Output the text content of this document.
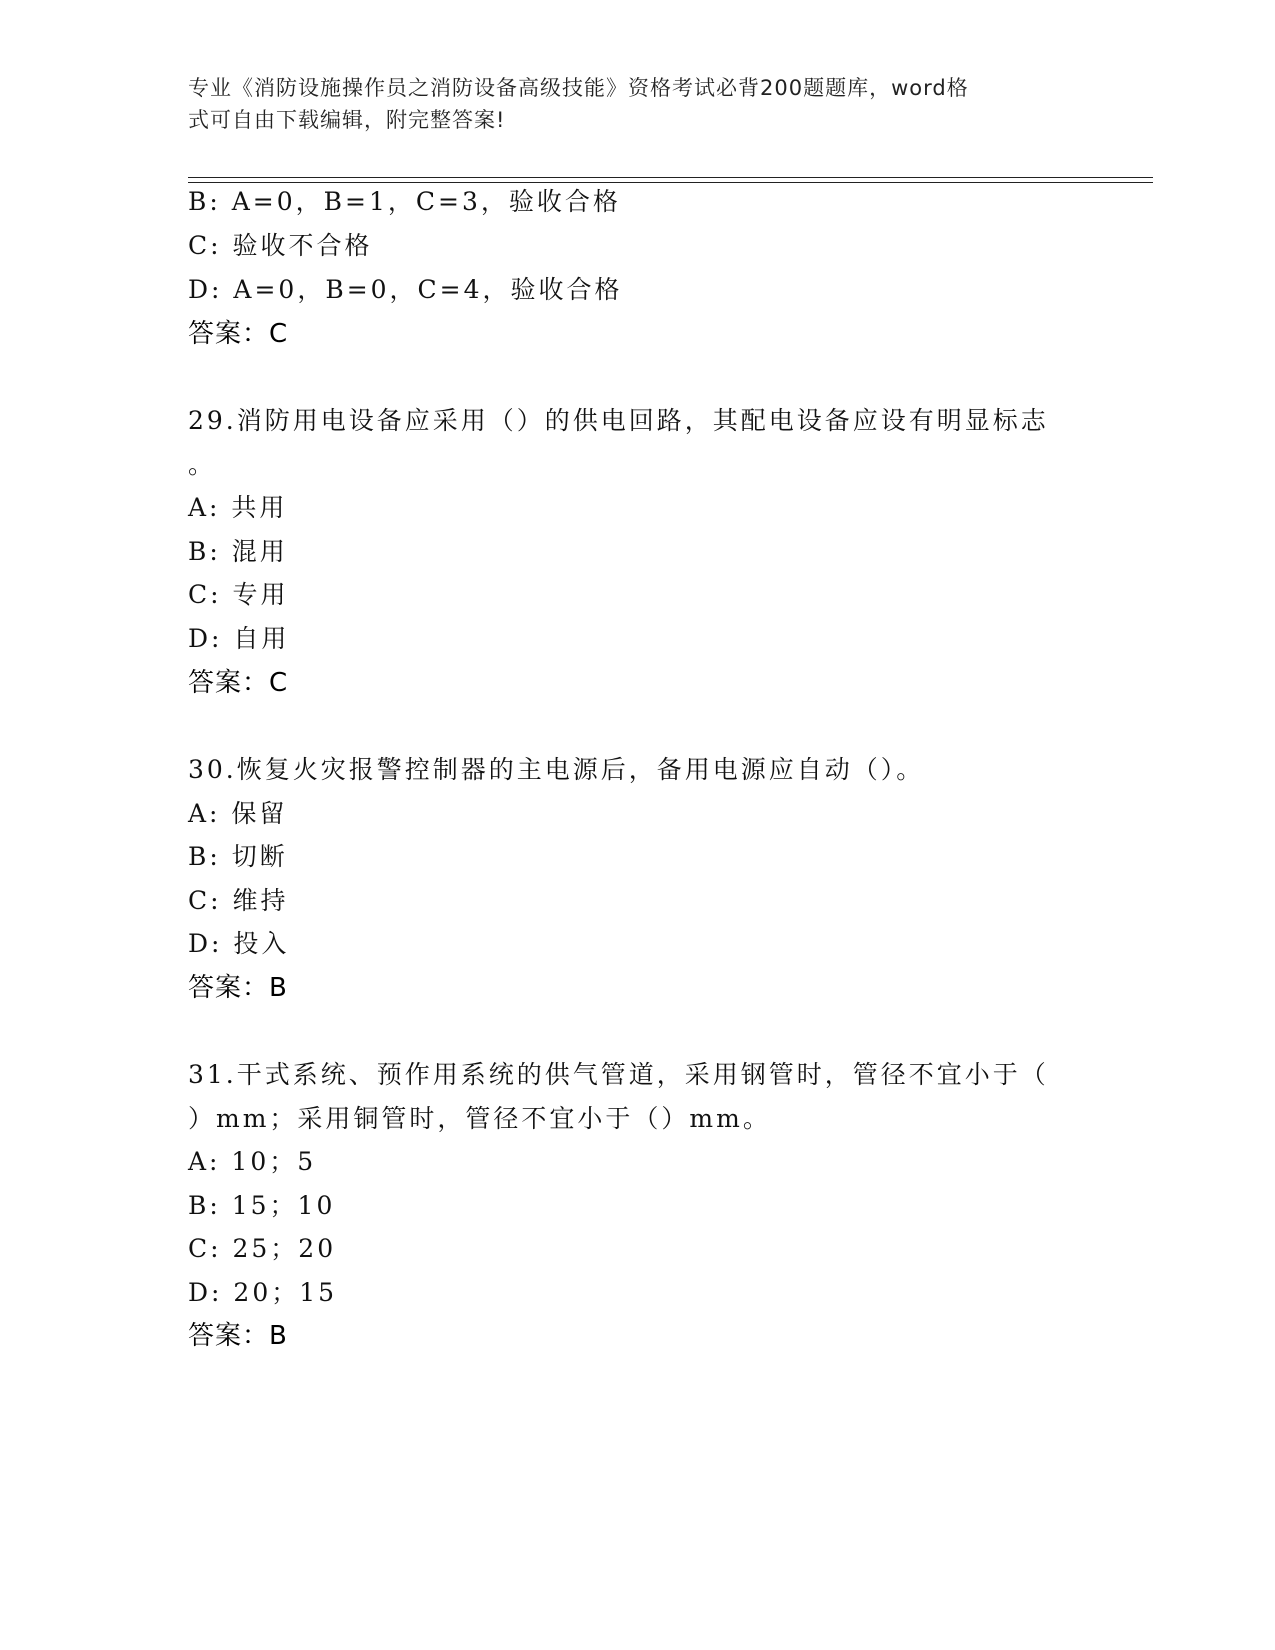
专业《消防设施操作员之消防设备高级技能》资格考试必背200题题库，word格
式可自由下载编辑，附完整答案!
B: A=0，B=1，C=3，验收合格
C: 验收不合格
D: A=0，B=0，C=4，验收合格
答案：C
29.消防用电设备应采用（）的供电回路，其配电设备应设有明显标志
。
A: 共用
B: 混用
C: 专用
D: 自用
答案：C
30.恢复火灾报警控制器的主电源后，备用电源应自动（）。
A: 保留
B: 切断
C: 维持
D: 投入
答案：B
31.干式系统、预作用系统的供气管道，采用钢管时，管径不宜小于（
）mm；采用铜管时，管径不宜小于（）mm。
A: 10；5
B: 15；10
C: 25；20
D: 20；15
答案：B
